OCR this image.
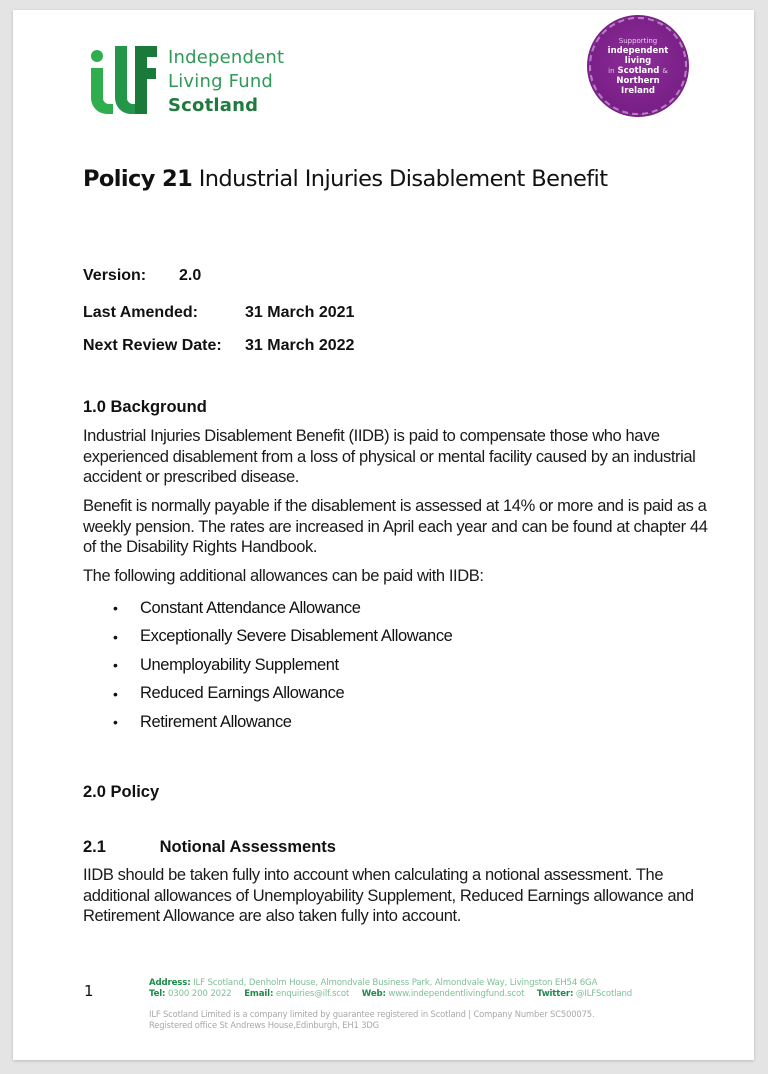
Independent
Living Fund
Scotland
Supporting
independent
living
in Scotland &
Northern
Ireland
Policy 21 Industrial Injuries Disablement Benefit
Version: 2.0
Last Amended:	31 March 2021
Next Review Date: 31 March 2022
1.0 Background
Industrial Injuries Disablement Benefit (IIDB) is paid to compensate those who have experienced disablement from a loss of physical or mental facility caused by an industrial accident or prescribed disease.
Benefit is normally payable if the disablement is assessed at 14% or more and is paid as a weekly pension. The rates are increased in April each year and can be found at chapter 44 of the Disability Rights Handbook.
The following additional allowances can be paid with IIDB:
•	Constant Attendance Allowance
•	Exceptionally Severe Disablement Allowance
•	Unemployability Supplement
•	Reduced Earnings Allowance
•	Retirement Allowance
2.0 Policy
2.1	Notional Assessments
IIDB should be taken fully into account when calculating a notional assessment. The additional allowances of Unemployability Supplement, Reduced Earnings allowance and Retirement Allowance are also taken fully into account.
1	Address: ILF Scotland, Denholm House, Almondvale Business Park, Almondvale Way, Livingston EH54 6GA
Tel: 0300 200 2022 Email: enquiries@ilf.scot Web: www.independentlivingfund.scot Twitter: @ILFScotland
ILF Scotland Limited is a company limited by guarantee registered in Scotland | Company Number SC500075.
Registered office St Andrews House,Edinburgh, EH1 3DG
